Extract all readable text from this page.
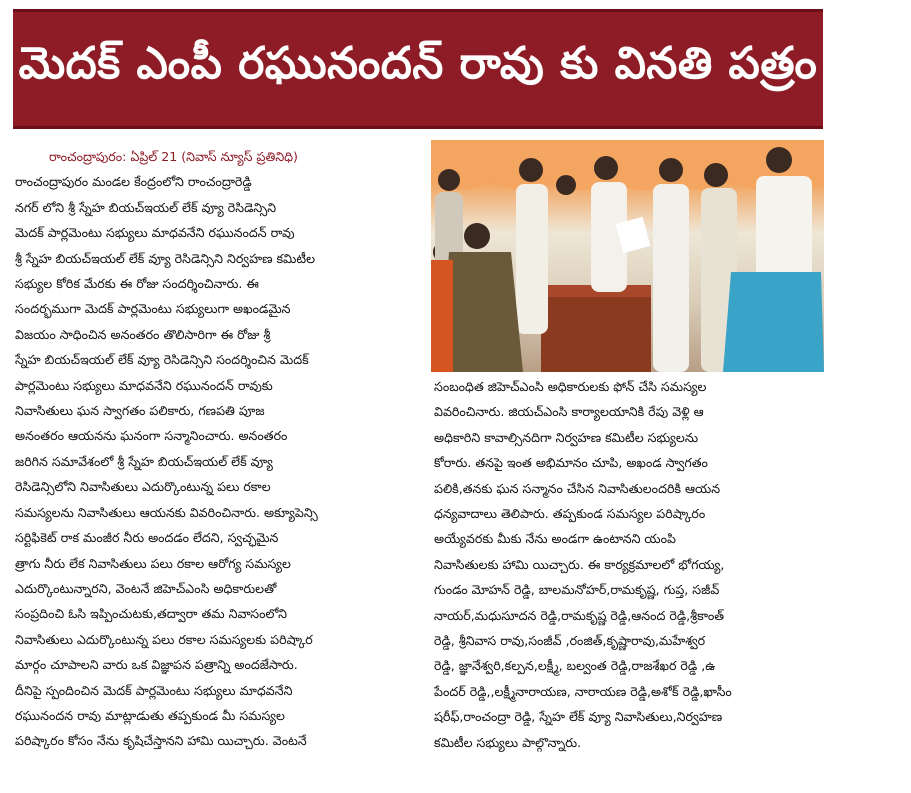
మెదక్ ఎంపీ రఘునందన్ రావు కు వినతి పత్రం
రాంచంద్రాపురం: ఏప్రిల్ 21 (నివాస్ న్యూస్ ప్రతినిధి)
రాంచంద్రాపురం మండల కేంద్రంలోని రాంచంద్రారెడ్డి
నగర్ లోని శ్రీ స్నేహ బియచ్ఇయల్ లేక్ వ్యూ రెసిడెన్సిని
మెదక్ పార్లమెంటు సభ్యులు మాధవనేని రఘునందన్ రావు
శ్రీ స్నేహ బియచ్ఇయల్ లేక్ వ్యూ రెసిడెన్సిని నిర్వహణ కమిటీల
సభ్యుల కోరిక మేరకు ఈ రోజు సందర్శించినారు. ఈ
సందర్భముగా మెదక్ పార్లమెంటు సభ్యులుగా అఖండమైన
విజయం సాధించిన అనంతరం తొలిసారిగా ఈ రోజు శ్రీ
స్నేహ బియచ్ఇయల్ లేక్ వ్యూ రెసిడెన్సిని సందర్శించిన మెదక్
పార్లమెంటు సభ్యులు మాధవనేని రఘునందన్ రావుకు
నివాసితులు ఘన స్వాగతం పలికారు, గణపతి పూజ
అనంతరం ఆయనను ఘనంగా సన్మానించారు. అనంతరం
జరిగిన సమావేశంలో శ్రీ స్నేహ బియచ్ఇయల్ లేక్ వ్యూ
రెసిడెన్సిలోని నివాసితులు ఎదుర్కొంటున్న పలు రకాల
సమస్యలను నివాసితులు ఆయనకు వివరించినారు. అక్యూపెన్సి
సర్టిఫికెట్ రాక మంజీర నీరు అందడం లేదని, స్వచ్ఛమైన
త్రాగు నీరు లేక నివాసితులు పలు రకాల ఆరోగ్య సమస్యల
ఎదుర్కొంటున్నారని, వెంటనే జిహెచ్ఎంసి అధికారులతో
సంప్రదించి ఓసి ఇప్పించుటకు,తద్వారా తమ నివాసంలోని
నివాసితులు ఎదుర్కొంటున్న పలు రకాల సమస్యలకు పరిష్కార
మార్గం చూపాలని వారు ఒక విజ్ఞాపన పత్రాన్ని అందజేసారు.
దీనిపై స్పందించిన మెదక్ పార్లమెంటు సభ్యులు మాధవనేని
రఘునందన రావు మాట్లాడుతు తప్పకుండ మీ సమస్యల
పరిష్కారం కోసం నేను కృషిచేస్తానని హామి యిచ్చారు. వెంటనే
సంబంధిత జిహెచ్ఎంసి అధికారులకు ఫోన్ చేసి సమస్యల
వివరించినారు. జియచ్ఎంసి కార్యాలయానికి రేపు వెళ్లి ఆ
అధికారిని కావాల్సినదిగా నిర్వహణ కమిటీల సభ్యులను
కోరారు. తనపై ఇంత అభిమానం చూపి, అఖండ స్వాగతం
పలికి,తనకు ఘన సన్మానం చేసిన నివాసితులందరికి ఆయన
ధన్యవాదాలు తెలిపారు. తప్పకుండ సమస్యల పరిష్కారం
అయ్యేవరకు మీకు నేను అండగా ఉంటానని యంపి
నివాసితులకు హామి యిచ్చారు. ఈ కార్యక్రమాలలో భోగయ్య,
గుండం మోహన్ రెడ్డి, బాలమనోహర్,రామకృష్ణ, గుప్త, సజీవ్
నాయర్,మధుసూదన రెడ్డి,రామకృష్ణ రెడ్డి,ఆనంద రెడ్డి,శ్రీకాంత్
రెడ్డి, శ్రీనివాస రావు,సంజీవ్ ,రంజిత్,కృష్ణారావు,మహేశ్వర
రెడ్డి, జ్ఞానేశ్వరి,కల్పన,లక్ష్మీ, బల్వంత రెడ్డి,రాజశేఖర రెడ్డి ,ఉ
పేందర్ రెడ్డి,,లక్ష్మీనారాయణ, నారాయణ రెడ్డి,అశోక్ రెడ్డి,ఖాసీం
షరీఫ్,రాంచంద్రా రెడ్డి, స్నేహ లేక్ వ్యూ నివాసితులు,నిర్వహణ
కమిటీల సభ్యులు పాల్గొన్నారు.
